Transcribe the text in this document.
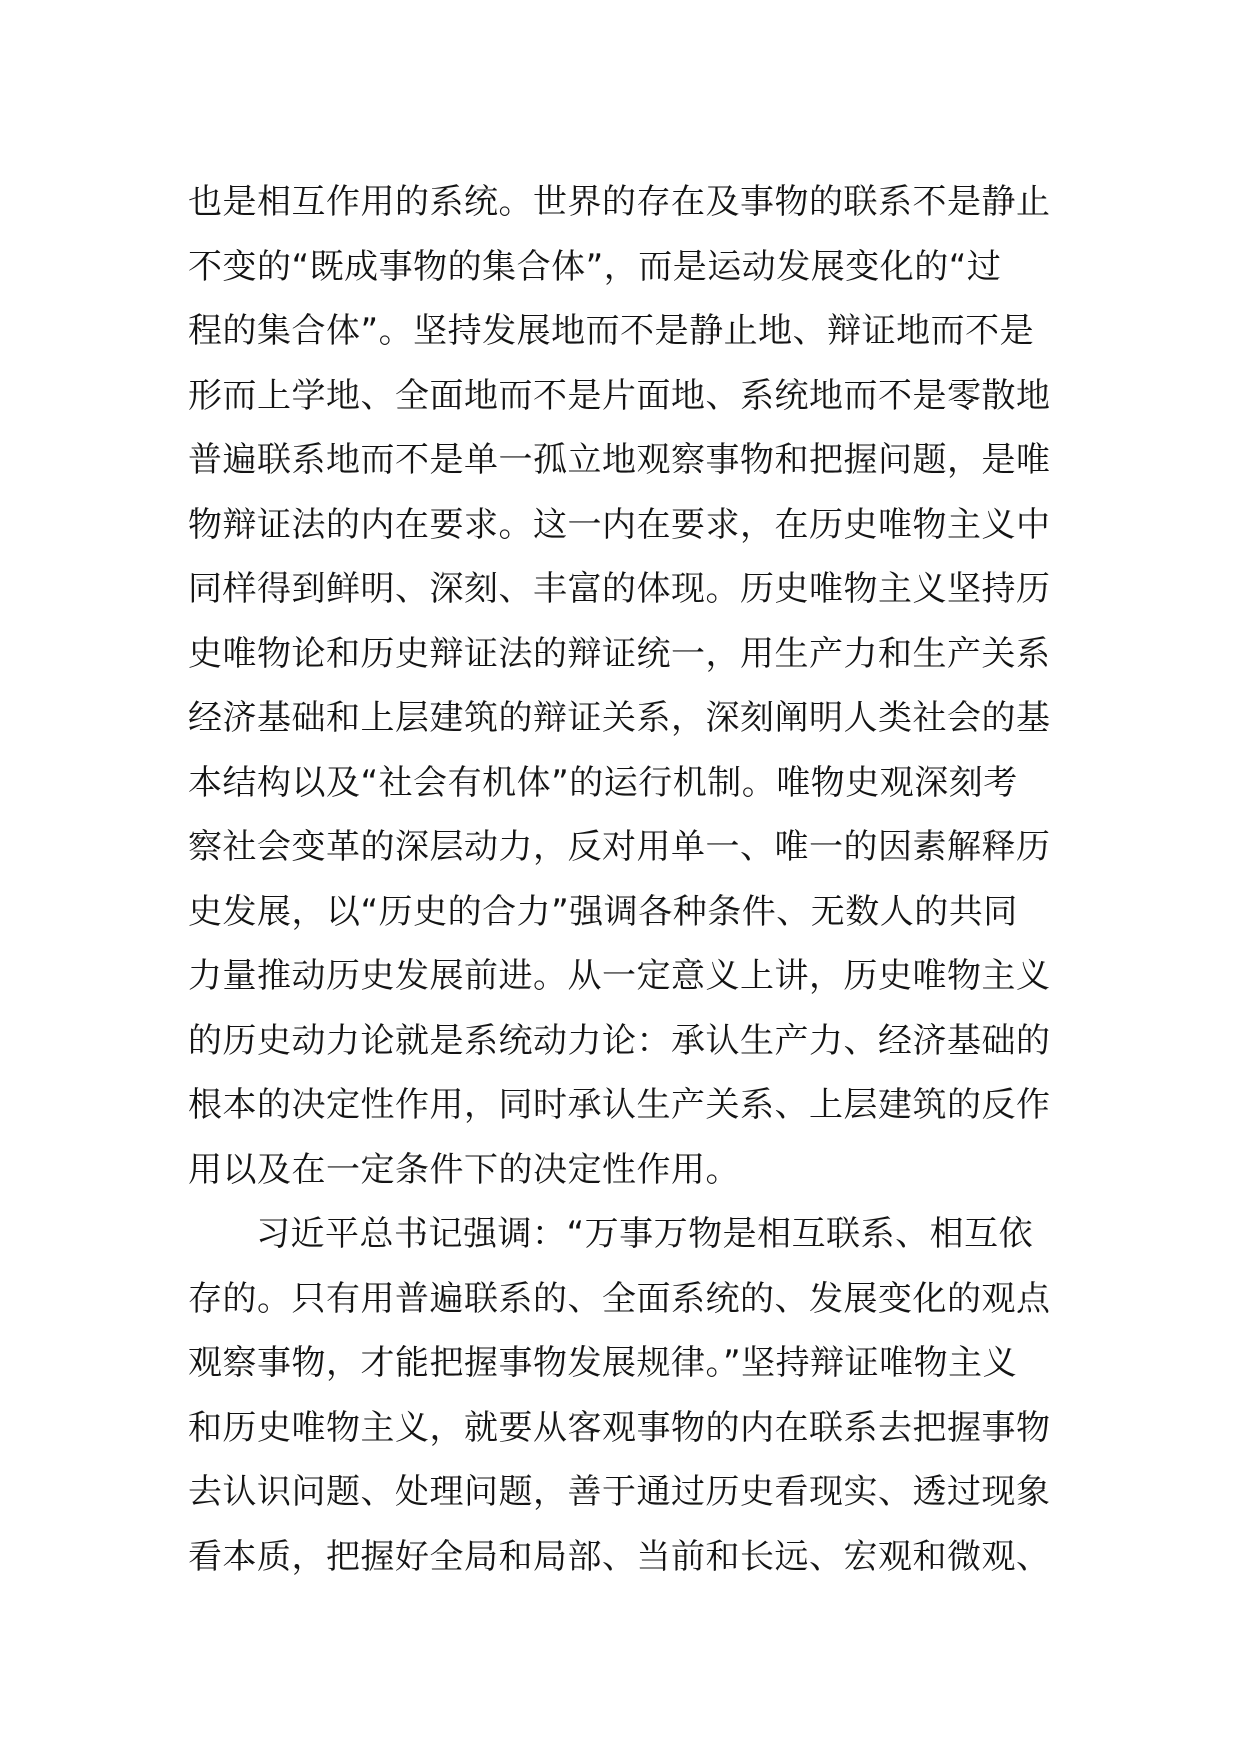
也是相互作用的系统。世界的存在及事物的联系不是静止
不变的“既成事物的集合体”，而是运动发展变化的“过
程的集合体”。坚持发展地而不是静止地、辩证地而不是
形而上学地、全面地而不是片面地、系统地而不是零散地
普遍联系地而不是单一孤立地观察事物和把握问题，是唯
物辩证法的内在要求。这一内在要求，在历史唯物主义中
同样得到鲜明、深刻、丰富的体现。历史唯物主义坚持历
史唯物论和历史辩证法的辩证统一，用生产力和生产关系
经济基础和上层建筑的辩证关系，深刻阐明人类社会的基
本结构以及“社会有机体”的运行机制。唯物史观深刻考
察社会变革的深层动力，反对用单一、唯一的因素解释历
史发展，以“历史的合力”强调各种条件、无数人的共同
力量推动历史发展前进。从一定意义上讲，历史唯物主义
的历史动力论就是系统动力论：承认生产力、经济基础的
根本的决定性作用，同时承认生产关系、上层建筑的反作
用以及在一定条件下的决定性作用。
习近平总书记强调：“万事万物是相互联系、相互依
存的。只有用普遍联系的、全面系统的、发展变化的观点
观察事物，才能把握事物发展规律。”坚持辩证唯物主义
和历史唯物主义，就要从客观事物的内在联系去把握事物
去认识问题、处理问题，善于通过历史看现实、透过现象
看本质，把握好全局和局部、当前和长远、宏观和微观、
